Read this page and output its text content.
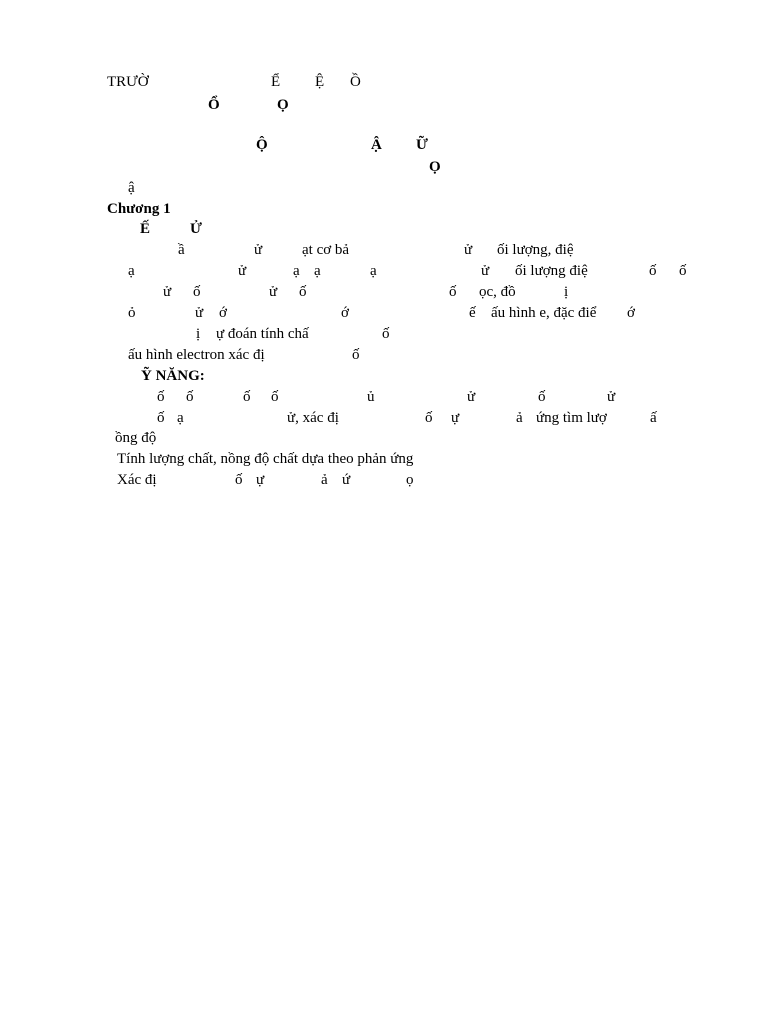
TRƯỜ	Ể Ệ Ồ
Ổ	Ọ
Ộ	Ậ Ữ
Ọ
ậ
Chương 1
Ế	Ử
ầ	ử	ạt cơ bả	ử ối lượng, điệ
ạ	ử	ạ ạ	ạ	ử ối lượng điệ	ố ố
ử ố	ử ố	ố ọc, đồ	ị
ỏ	ử ớ	ớ	ế ấu hình e, đặc điể ớ
ị ự đoán tính chấ	ố
ấu hình electron xác đị	ố
Ỹ NĂNG:
ố ố	ố ố	ủ	ử	ố	ử
ố ạ	ử, xác đị	ố ự	ả ứng tìm lượ	ấ
ồng độ
Tính lượng chất, nồng độ chất dựa theo phản ứng
Xác đị	ố ự	ả ứ	ọ
